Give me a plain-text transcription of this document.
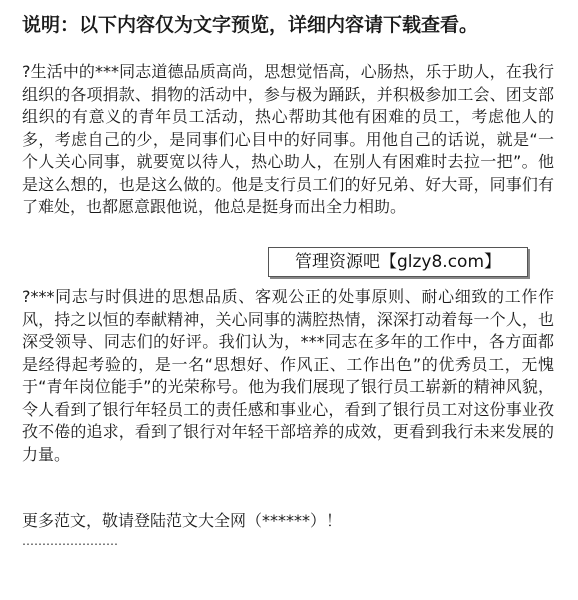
说明：以下内容仅为文字预览，详细内容请下载查看。
?生活中的***同志道德品质高尚，思想觉悟高，心肠热，乐于助人，在我行组织的各项捐款、捐物的活动中，参与极为踊跃，并积极参加工会、团支部组织的有意义的青年员工活动，热心帮助其他有困难的员工，考虑他人的多，考虑自己的少，是同事们心目中的好同事。用他自己的话说，就是“一个人关心同事，就要宽以待人，热心助人，在别人有困难时去拉一把”。他是这么想的，也是这么做的。他是支行员工们的好兄弟、好大哥，同事们有了难处，也都愿意跟他说，他总是挺身而出全力相助。
?***同志与时俱进的思想品质、客观公正的处事原则、耐心细致的工作作风，持之以恒的奉献精神，关心同事的满腔热情，深深打动着每一个人，也深受领导、同志们的好评。我们认为，***同志在多年的工作中，各方面都是经得起考验的，是一名“思想好、作风正、工作出色”的优秀员工，无愧于“青年岗位能手”的光荣称号。他为我们展现了银行员工崭新的精神风貌，令人看到了银行年轻员工的责任感和事业心，看到了银行员工对这份事业孜孜不倦的追求，看到了银行对年轻干部培养的成效，更看到我行未来发展的力量。
更多范文，敬请登陆范文大全网（******）！
……………………
管理资源吧【glzy8.com】
